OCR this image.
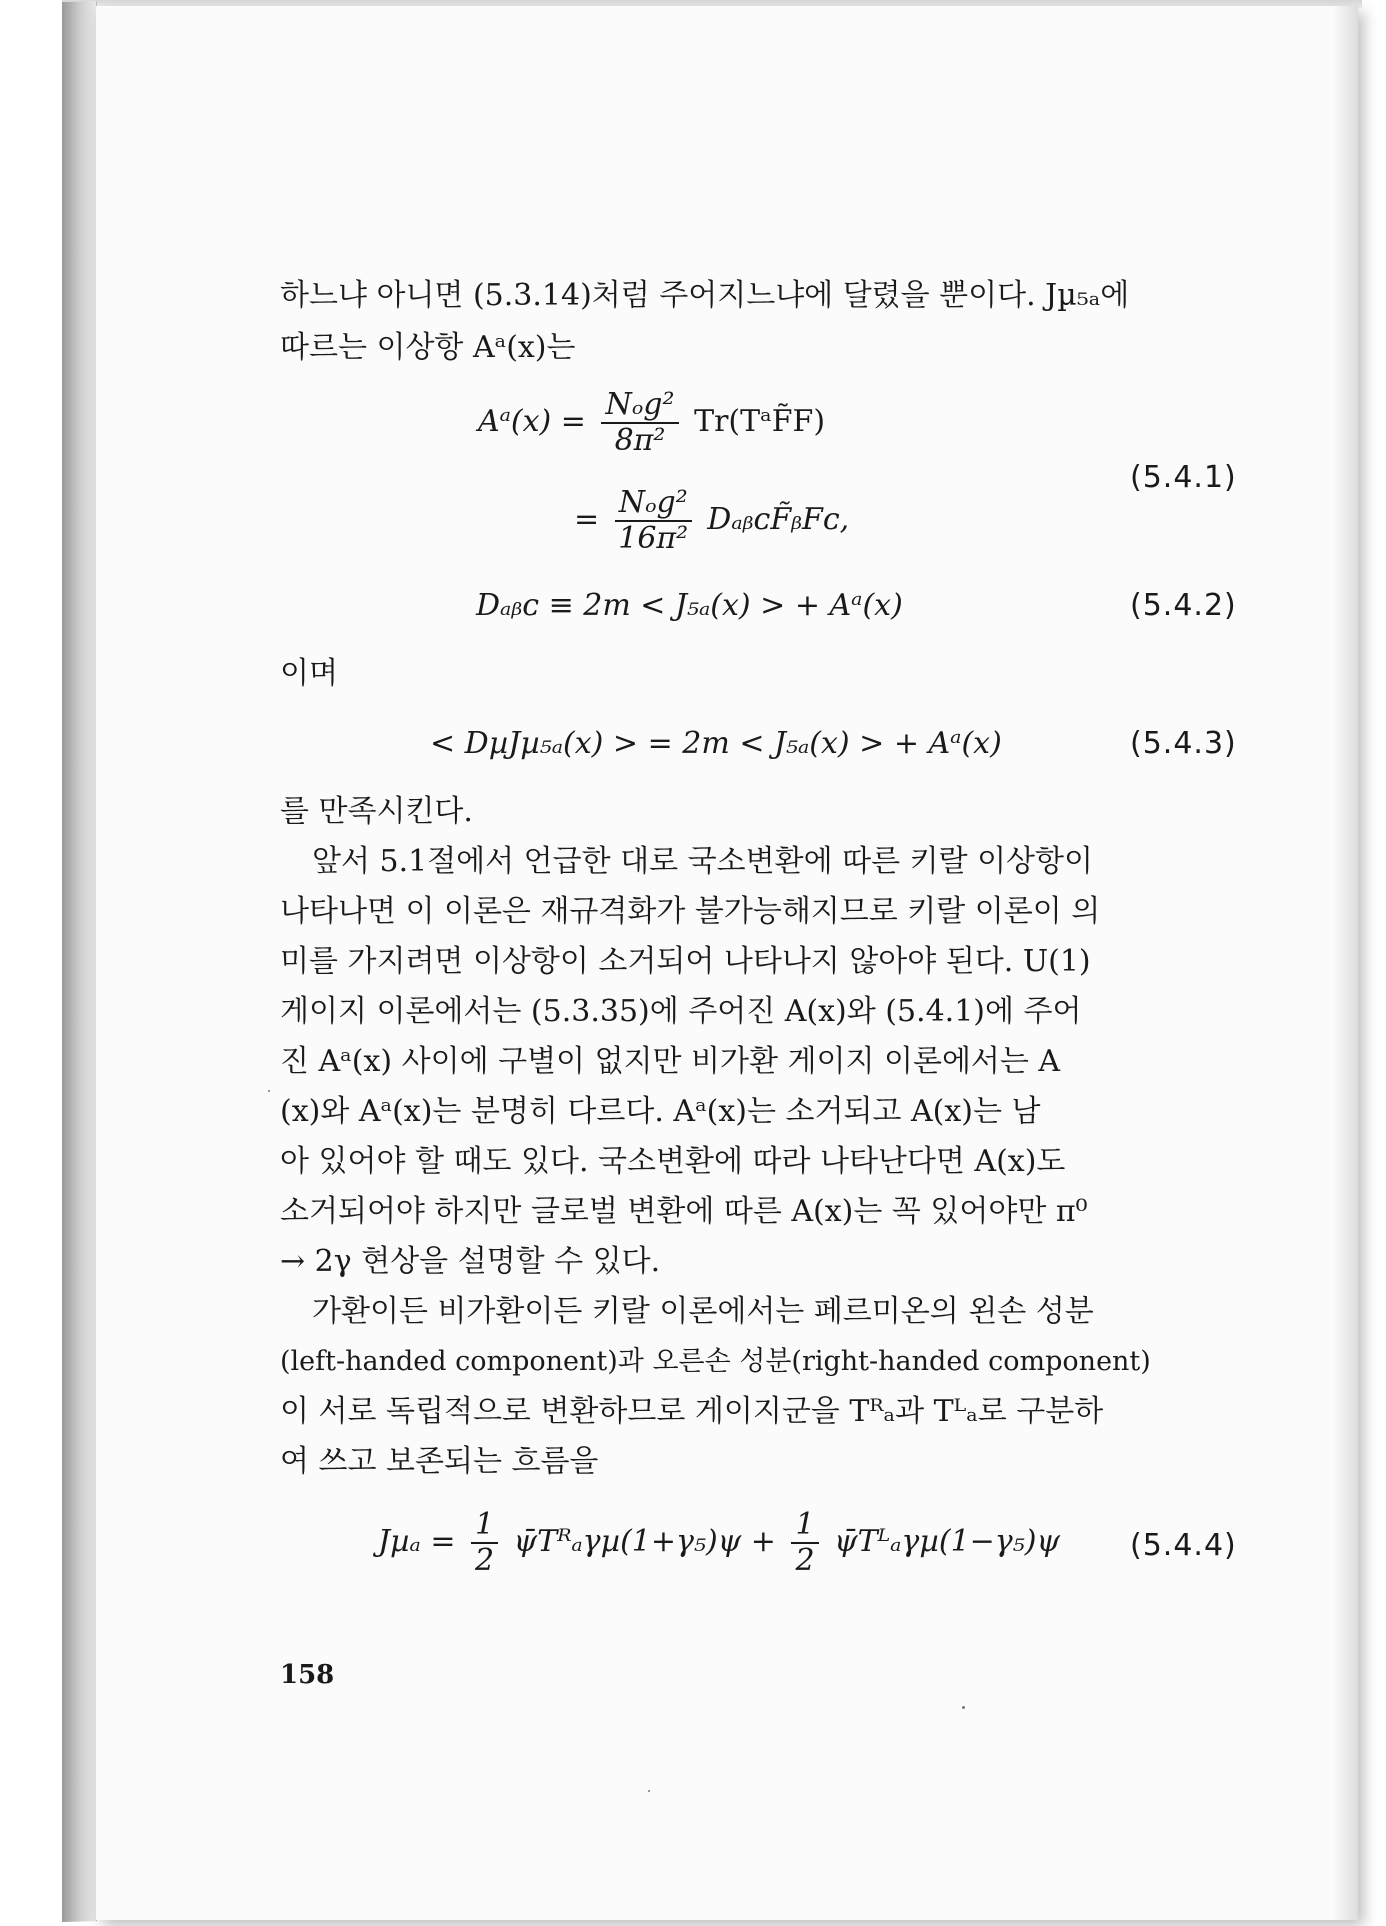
하느냐 아니면 (5.3.14)처럼 주어지느냐에 달렸을 뿐이다. Jµ₅ₐ에
따르는 이상항 Aᵃ(x)는
Aᵃ(x) = $\frac{\text{Nₒg²}}{\text{8π²}}$ Tr(TᵃF̃F)
= $\frac{\text{Nₒg²}}{\text{16π²}}$ DₐᵦᴄF̃ᵦFᴄ,
(5.4.1)
Dₐᵦᴄ ≡ 2m < J₅ₐ(x) > + Aᵃ(x)	(5.4.2)
이며
< DµJµ₅ₐ(x) > = 2m < J₅ₐ(x) > + Aᵃ(x)	(5.4.3)
를 만족시킨다.
앞서 5.1절에서 언급한 대로 국소변환에 따른 키랄 이상항이
나타나면 이 이론은 재규격화가 불가능해지므로 키랄 이론이 의
미를 가지려면 이상항이 소거되어 나타나지 않아야 된다. U(1)
게이지 이론에서는 (5.3.35)에 주어진 A(x)와 (5.4.1)에 주어
진 Aᵃ(x) 사이에 구별이 없지만 비가환 게이지 이론에서는 A
(x)와 Aᵃ(x)는 분명히 다르다. Aᵃ(x)는 소거되고 A(x)는 남
아 있어야 할 때도 있다. 국소변환에 따라 나타난다면 A(x)도
소거되어야 하지만 글로벌 변환에 따른 A(x)는 꼭 있어야만 π⁰
→ 2γ 현상을 설명할 수 있다.
가환이든 비가환이든 키랄 이론에서는 페르미온의 왼손 성분
(left-handed component)과 오른손 성분(right-handed component)
이 서로 독립적으로 변환하므로 게이지군을 Tᴿₐ과 Tᴸₐ로 구분하
여 쓰고 보존되는 흐름을
$J\mu_a = \frac{1}{2}$ ψ̄Tᴿₐγµ(1+γ₅)ψ + $\frac{1}{2}$ ψ̄Tᴸₐγµ(1−γ₅)ψ (5.4.4)
158
